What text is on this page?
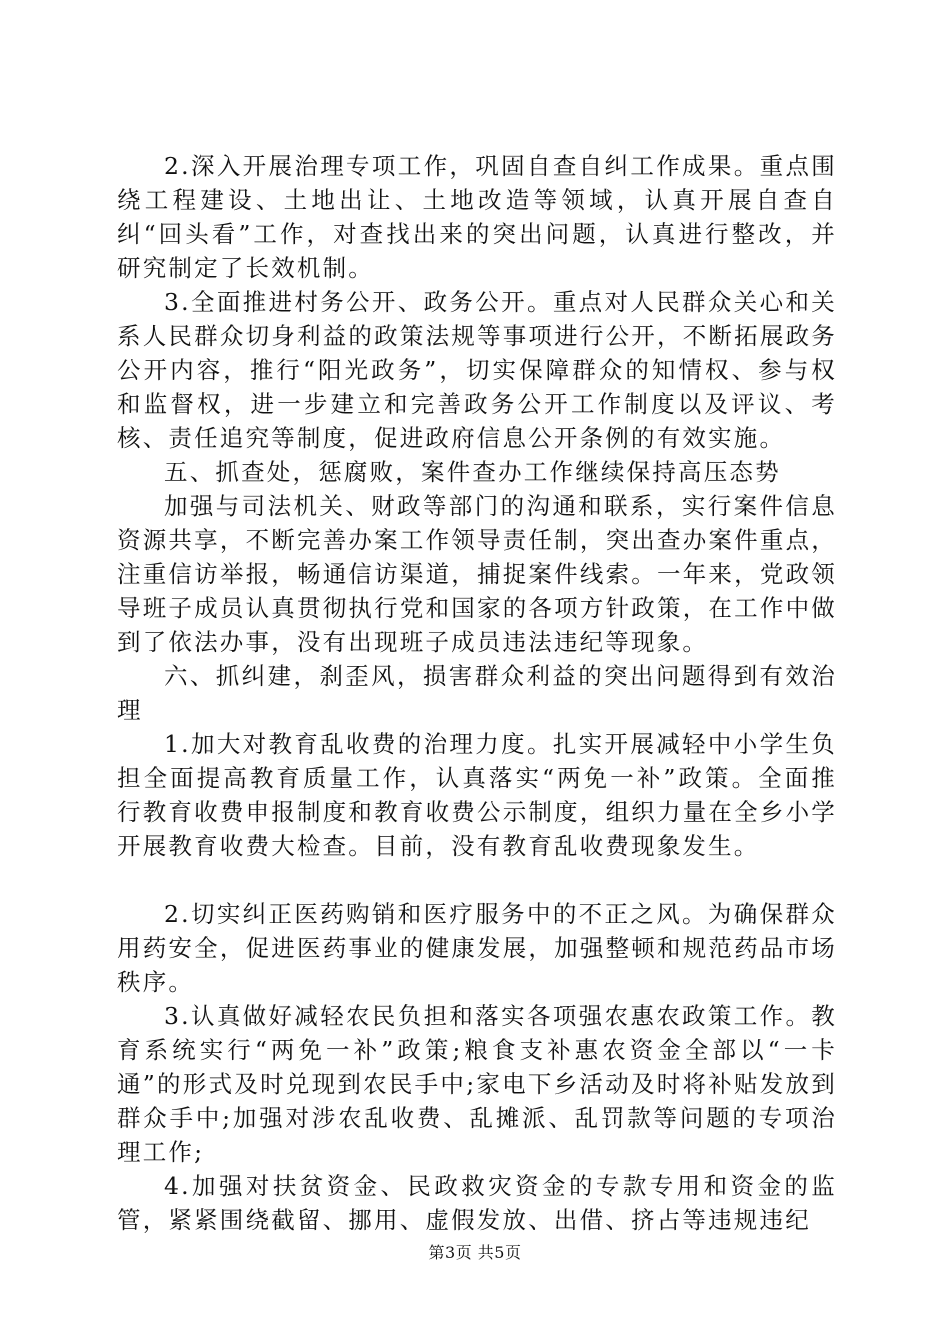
2.深入开展治理专项工作，巩固自查自纠工作成果。重点围绕工程建设、土地出让、土地改造等领域，认真开展自查自纠“回头看”工作，对查找出来的突出问题，认真进行整改，并研究制定了长效机制。

3.全面推进村务公开、政务公开。重点对人民群众关心和关系人民群众切身利益的政策法规等事项进行公开，不断拓展政务公开内容，推行“阳光政务”，切实保障群众的知情权、参与权和监督权，进一步建立和完善政务公开工作制度以及评议、考核、责任追究等制度，促进政府信息公开条例的有效实施。

五、抓查处，惩腐败，案件查办工作继续保持高压态势

加强与司法机关、财政等部门的沟通和联系，实行案件信息资源共享，不断完善办案工作领导责任制，突出查办案件重点，注重信访举报，畅通信访渠道，捕捉案件线索。一年来，党政领导班子成员认真贯彻执行党和国家的各项方针政策，在工作中做到了依法办事，没有出现班子成员违法违纪等现象。

六、抓纠建，刹歪风，损害群众利益的突出问题得到有效治理

1.加大对教育乱收费的治理力度。扎实开展减轻中小学生负担全面提高教育质量工作，认真落实“两免一补”政策。全面推行教育收费申报制度和教育收费公示制度，组织力量在全乡小学开展教育收费大检查。目前，没有教育乱收费现象发生。

2.切实纠正医药购销和医疗服务中的不正之风。为确保群众用药安全，促进医药事业的健康发展，加强整顿和规范药品市场秩序。

3.认真做好减轻农民负担和落实各项强农惠农政策工作。教育系统实行“两免一补”政策;粮食支补惠农资金全部以“一卡通”的形式及时兑现到农民手中;家电下乡活动及时将补贴发放到群众手中;加强对涉农乱收费、乱摊派、乱罚款等问题的专项治理工作;

4.加强对扶贫资金、民政救灾资金的专款专用和资金的监管，紧紧围绕截留、挪用、虚假发放、出借、挤占等违规违纪

第3页 共5页
